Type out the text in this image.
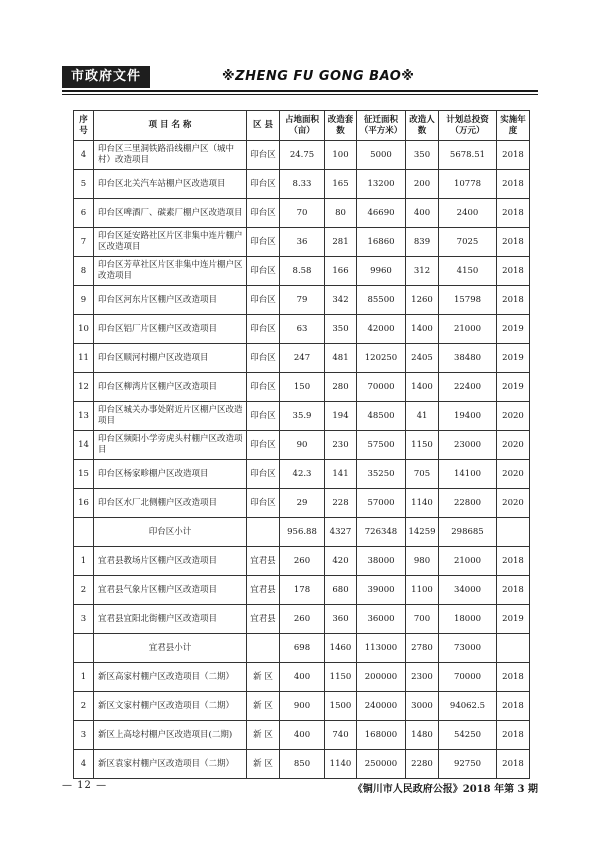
市政府文件	※ZHENG FU GONG BAO※
序号	项 目 名 称	区 县	占地面积（亩）	改造套数	征迁面积（平方米）	改造人数	计划总投资（万元）	实施年度
4	印台区三里洞铁路沿线棚户区（城中村）改造项目	印台区	24.75	100	5000	350	5678.51	2018
5	印台区北关汽车站棚户区改造项目	印台区	8.33	165	13200	200	10778	2018
6	印台区啤酒厂、碳素厂棚户区改造项目	印台区	70	80	46690	400	2400	2018
7	印台区延安路社区片区非集中连片棚户区改造项目	印台区	36	281	16860	839	7025	2018
8	印台区芳草社区片区非集中连片棚户区改造项目	印台区	8.58	166	9960	312	4150	2018
9	印台区河东片区棚户区改造项目	印台区	79	342	85500	1260	15798	2018
10	印台区铝厂片区棚户区改造项目	印台区	63	350	42000	1400	21000	2019
11	印台区顺河村棚户区改造项目	印台区	247	481	120250	2405	38480	2019
12	印台区柳湾片区棚户区改造项目	印台区	150	280	70000	1400	22400	2019
13	印台区城关办事处附近片区棚户区改造项目	印台区	35.9	194	48500	41	19400	2020
14	印台区频阳小学旁虎头村棚户区改造项目	印台区	90	230	57500	1150	23000	2020
15	印台区杨家畛棚户区改造项目	印台区	42.3	141	35250	705	14100	2020
16	印台区水厂北侧棚户区改造项目	印台区	29	228	57000	1140	22800	2020
	印台区小计		956.88	4327	726348	14259	298685	
1	宜君县教场片区棚户区改造项目	宜君县	260	420	38000	980	21000	2018
2	宜君县气象片区棚户区改造项目	宜君县	178	680	39000	1100	34000	2018
3	宜君县宜阳北街棚户区改造项目	宜君县	260	360	36000	700	18000	2019
	宜君县小计		698	1460	113000	2780	73000	
1	新区高家村棚户区改造项目（二期）	新 区	400	1150	200000	2300	70000	2018
2	新区文家村棚户区改造项目（二期）	新 区	900	1500	240000	3000	94062.5	2018
3	新区上高埝村棚户区改造项目(二期)	新 区	400	740	168000	1480	54250	2018
4	新区袁家村棚户区改造项目（二期）	新 区	850	1140	250000	2280	92750	2018
— 12 —	《铜川市人民政府公报》2018 年第 3 期
